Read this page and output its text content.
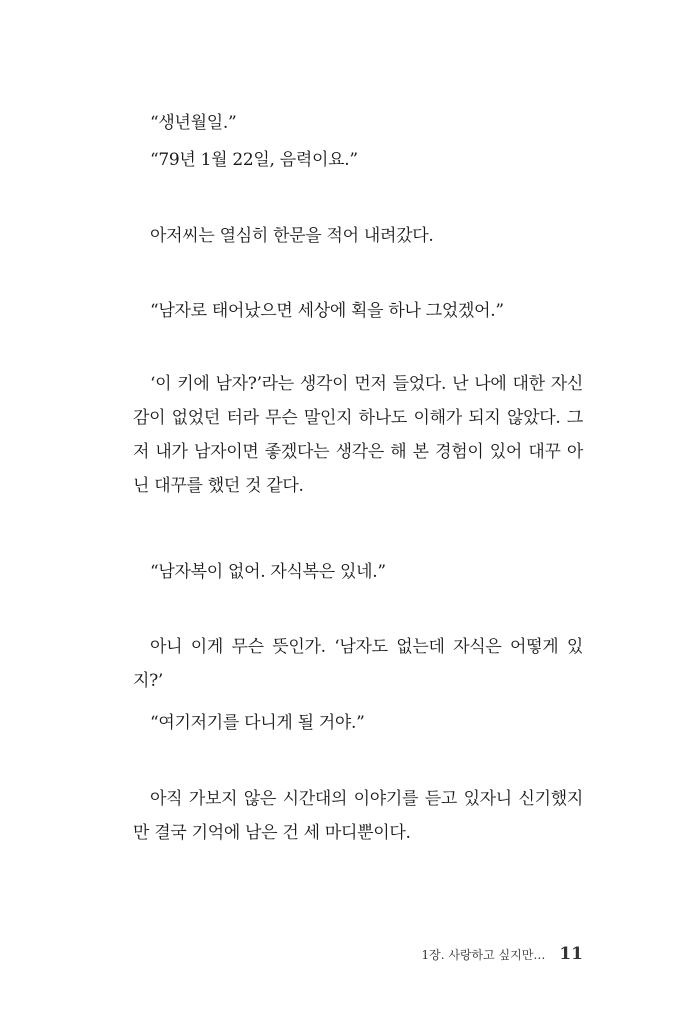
“생년월일.”

“79년 1월 22일, 음력이요.”

아저씨는 열심히 한문을 적어 내려갔다.

“남자로 태어났으면 세상에 획을 하나 그었겠어.”

‘이 키에 남자?’라는 생각이 먼저 들었다. 난 나에 대한 자신감이 없었던 터라 무슨 말인지 하나도 이해가 되지 않았다. 그저 내가 남자이면 좋겠다는 생각은 해 본 경험이 있어 대꾸 아닌 대꾸를 했던 것 같다.

“남자복이 없어. 자식복은 있네.”

아니 이게 무슨 뜻인가. ‘남자도 없는데 자식은 어떻게 있지?’

“여기저기를 다니게 될 거야.”

아직 가보지 않은 시간대의 이야기를 듣고 있자니 신기했지만 결국 기억에 남은 건 세 마디뿐이다.

1장. 사랑하고 싶지만… 11
